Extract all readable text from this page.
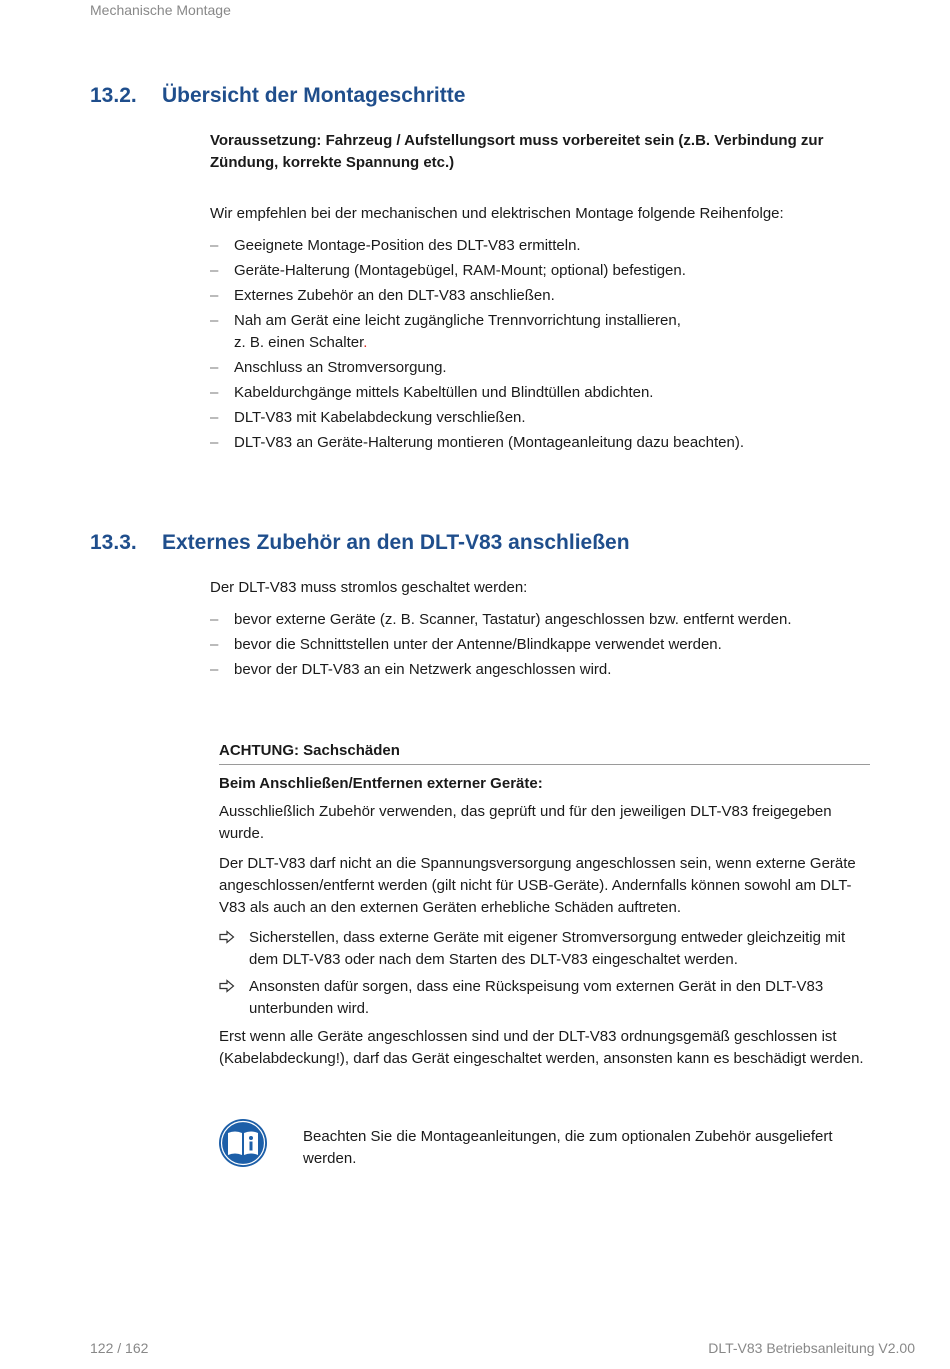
Mechanische Montage
13.2. Übersicht der Montageschritte
Voraussetzung: Fahrzeug / Aufstellungsort muss vorbereitet sein (z.B. Verbindung zur Zündung, korrekte Spannung etc.)
Wir empfehlen bei der mechanischen und elektrischen Montage folgende Reihenfolge:
– Geeignete Montage-Position des DLT-V83 ermitteln.
– Geräte-Halterung (Montagebügel, RAM-Mount; optional) befestigen.
– Externes Zubehör an den DLT-V83 anschließen.
– Nah am Gerät eine leicht zugängliche Trennvorrichtung installieren,
z. B. einen Schalter.
– Anschluss an Stromversorgung.
– Kabeldurchgänge mittels Kabeltüllen und Blindtüllen abdichten.
– DLT-V83 mit Kabelabdeckung verschließen.
– DLT-V83 an Geräte-Halterung montieren (Montageanleitung dazu beachten).
13.3. Externes Zubehör an den DLT-V83 anschließen
Der DLT-V83 muss stromlos geschaltet werden:
– bevor externe Geräte (z. B. Scanner, Tastatur) angeschlossen bzw. entfernt werden.
– bevor die Schnittstellen unter der Antenne/Blindkappe verwendet werden.
– bevor der DLT-V83 an ein Netzwerk angeschlossen wird.
ACHTUNG: Sachschäden
Beim Anschließen/Entfernen externer Geräte:

Ausschließlich Zubehör verwenden, das geprüft und für den jeweiligen DLT-V83 freigegeben wurde.

Der DLT-V83 darf nicht an die Spannungsversorgung angeschlossen sein, wenn externe Geräte angeschlossen/entfernt werden (gilt nicht für USB-Geräte). Andernfalls können sowohl am DLT-V83 als auch an den externen Geräten erhebliche Schäden auftreten.

Sicherstellen, dass externe Geräte mit eigener Stromversorgung entweder gleichzeitig mit dem DLT-V83 oder nach dem Starten des DLT-V83 eingeschaltet werden.
Ansonsten dafür sorgen, dass eine Rückspeisung vom externen Gerät in den DLT-V83 unterbunden wird.

Erst wenn alle Geräte angeschlossen sind und der DLT-V83 ordnungsgemäß geschlossen ist (Kabelabdeckung!), darf das Gerät eingeschaltet werden, ansonsten kann es beschädigt werden.

Beachten Sie die Montageanleitungen, die zum optionalen Zubehör ausgeliefert werden.
122 / 162	DLT-V83 Betriebsanleitung V2.00
